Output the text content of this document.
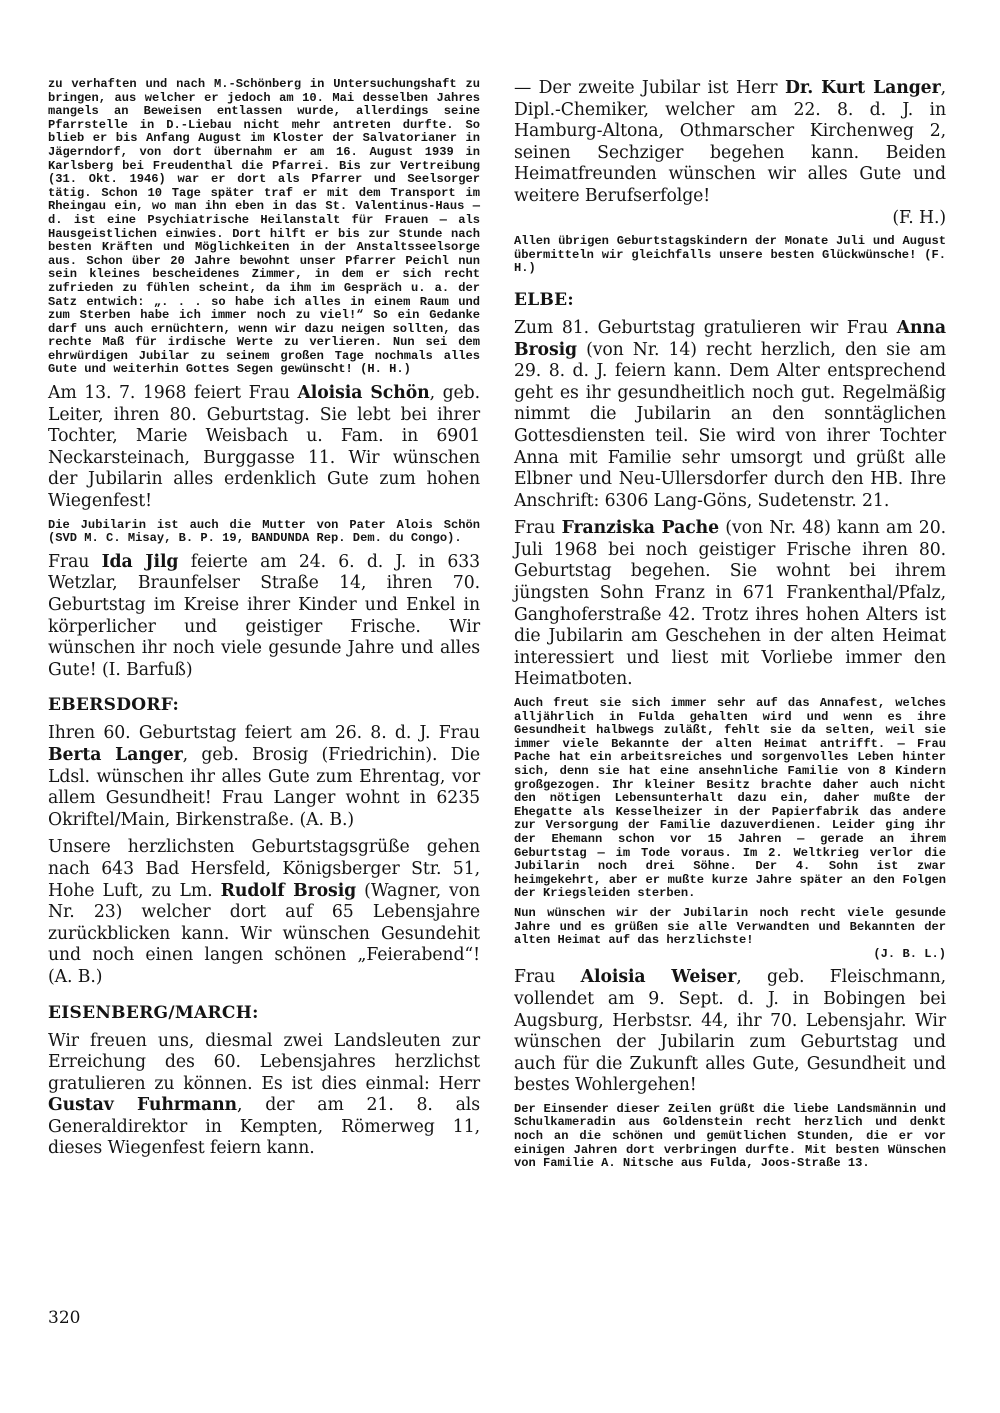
zu verhaften und nach M.-Schönberg in Untersuchungshaft zu bringen, aus welcher er jedoch am 10. Mai desselben Jahres mangels an Beweisen entlassen wurde, allerdings seine Pfarrstelle in D.-Liebau nicht mehr antreten durfte. So blieb er bis Anfang August im Kloster der Salvatorianer in Jägerndorf, von dort übernahm er am 16. August 1939 in Karlsberg bei Freudenthal die Pfarrei. Bis zur Vertreibung (31. Okt. 1946) war er dort als Pfarrer und Seelsorger tätig. Schon 10 Tage später traf er mit dem Transport im Rheingau ein, wo man ihn eben in das St. Valentinus-Haus — d. ist eine Psychiatrische Heilanstalt für Frauen — als Hausgeistlichen einwies. Dort hilft er bis zur Stunde nach besten Kräften und Möglichkeiten in der Anstaltsseelsorge aus. Schon über 20 Jahre bewohnt unser Pfarrer Peichl nun sein kleines bescheidenes Zimmer, in dem er sich recht zufrieden zu fühlen scheint, da ihm im Gespräch u. a. der Satz entwich: „. . . so habe ich alles in einem Raum und zum Sterben habe ich immer noch zu viel!“ So ein Gedanke darf uns auch ernüchtern, wenn wir dazu neigen sollten, das rechte Maß für irdische Werte zu verlieren. Nun sei dem ehrwürdigen Jubilar zu seinem großen Tage nochmals alles Gute und weiterhin Gottes Segen gewünscht! (H. H.)

Am 13. 7. 1968 feiert Frau Aloisia Schön, geb. Leiter, ihren 80. Geburtstag. Sie lebt bei ihrer Tochter, Marie Weisbach u. Fam. in 6901 Neckarsteinach, Burggasse 11. Wir wünschen der Jubilarin alles erdenklich Gute zum hohen Wiegenfest!

Die Jubilarin ist auch die Mutter von Pater Alois Schön (SVD M. C. Misay, B. P. 19, BANDUNDA Rep. Dem. du Congo).

Frau Ida Jilg feierte am 24. 6. d. J. in 633 Wetzlar, Braunfelser Straße 14, ihren 70. Geburtstag im Kreise ihrer Kinder und Enkel in körperlicher und geistiger Frische. Wir wünschen ihr noch viele gesunde Jahre und alles Gute! (I. Barfuß)

EBERSDORF:

Ihren 60. Geburtstag feiert am 26. 8. d. J. Frau Berta Langer, geb. Brosig (Friedrichin). Die Ldsl. wünschen ihr alles Gute zum Ehrentag, vor allem Gesundheit! Frau Langer wohnt in 6235 Okriftel/Main, Birkenstraße. (A. B.)

Unsere herzlichsten Geburtstagsgrüße gehen nach 643 Bad Hersfeld, Königsberger Str. 51, Hohe Luft, zu Lm. Rudolf Brosig (Wagner, von Nr. 23) welcher dort auf 65 Lebensjahre zurückblicken kann. Wir wünschen Gesundehit und noch einen langen schönen „Feierabend“! (A. B.)

EISENBERG/MARCH:

Wir freuen uns, diesmal zwei Landsleuten zur Erreichung des 60. Lebensjahres herzlichst gratulieren zu können. Es ist dies einmal: Herr Gustav Fuhrmann, der am 21. 8. als Generaldirektor in Kempten, Römerweg 11, dieses Wiegenfest feiern kann.

— Der zweite Jubilar ist Herr Dr. Kurt Langer, Dipl.-Chemiker, welcher am 22. 8. d. J. in Hamburg-Altona, Othmarscher Kirchenweg 2, seinen Sechziger begehen kann. Beiden Heimatfreunden wünschen wir alles Gute und weitere Berufserfolge!
(F. H.)

Allen übrigen Geburtstagskindern der Monate Juli und August übermitteln wir gleichfalls unsere besten Glückwünsche! (F. H.)

ELBE:

Zum 81. Geburtstag gratulieren wir Frau Anna Brosig (von Nr. 14) recht herzlich, den sie am 29. 8. d. J. feiern kann. Dem Alter entsprechend geht es ihr gesundheitlich noch gut. Regelmäßig nimmt die Jubilarin an den sonntäglichen Gottesdiensten teil. Sie wird von ihrer Tochter Anna mit Familie sehr umsorgt und grüßt alle Elbner und Neu-Ullersdorfer durch den HB. Ihre Anschrift: 6306 Lang-Göns, Sudetenstr. 21.

Frau Franziska Pache (von Nr. 48) kann am 20. Juli 1968 bei noch geistiger Frische ihren 80. Geburtstag begehen. Sie wohnt bei ihrem jüngsten Sohn Franz in 671 Frankenthal/Pfalz, Ganghoferstraße 42. Trotz ihres hohen Alters ist die Jubilarin am Geschehen in der alten Heimat interessiert und liest mit Vorliebe immer den Heimatboten.

Auch freut sie sich immer sehr auf das Annafest, welches alljährlich in Fulda gehalten wird und wenn es ihre Gesundheit halbwegs zuläßt, fehlt sie da selten, weil sie immer viele Bekannte der alten Heimat antrifft. — Frau Pache hat ein arbeitsreiches und sorgenvolles Leben hinter sich, denn sie hat eine ansehnliche Familie von 8 Kindern großgezogen. Ihr kleiner Besitz brachte daher auch nicht den nötigen Lebensunterhalt dazu ein, daher mußte der Ehegatte als Kesselheizer in der Papierfabrik das andere zur Versorgung der Familie dazuverdienen. Leider ging ihr der Ehemann schon vor 15 Jahren — gerade an ihrem Geburtstag — im Tode voraus. Im 2. Weltkrieg verlor die Jubilarin noch drei Söhne. Der 4. Sohn ist zwar heimgekehrt, aber er mußte kurze Jahre später an den Folgen der Kriegsleiden sterben.

Nun wünschen wir der Jubilarin noch recht viele gesunde Jahre und es grüßen sie alle Verwandten und Bekannten der alten Heimat auf das herzlichste!
(J. B. L.)

Frau Aloisia Weiser, geb. Fleischmann, vollendet am 9. Sept. d. J. in Bobingen bei Augsburg, Herbstsr. 44, ihr 70. Lebensjahr. Wir wünschen der Jubilarin zum Geburtstag und auch für die Zukunft alles Gute, Gesundheit und bestes Wohlergehen!

Der Einsender dieser Zeilen grüßt die liebe Landsmännin und Schulkameradin aus Goldenstein recht herzlich und denkt noch an die schönen und gemütlichen Stunden, die er vor einigen Jahren dort verbringen durfte. Mit besten Wünschen von Familie A. Nitsche aus Fulda, Joos-Straße 13.

320
